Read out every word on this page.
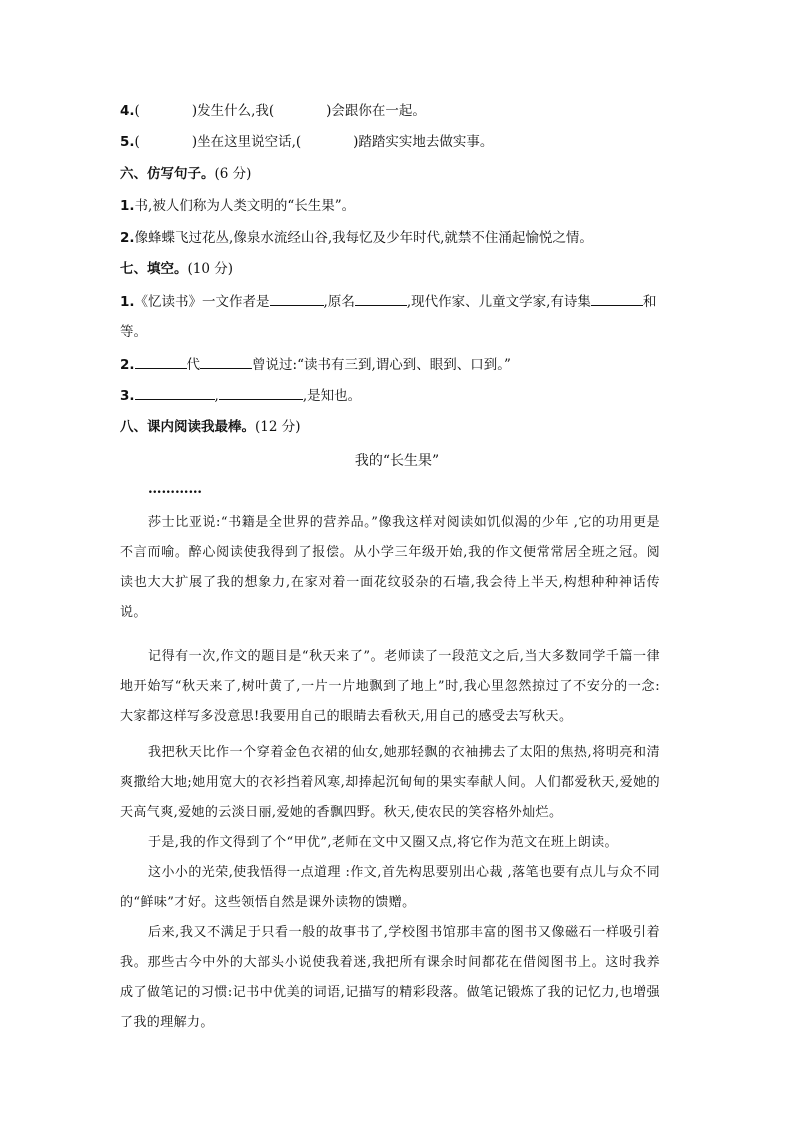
4.(	)发生什么,我(	)会跟你在一起。
5.(	)坐在这里说空话,(	)踏踏实实地去做实事。
六、仿写句子。(6 分)
1.书,被人们称为人类文明的“长生果”。
2.像蜂蝶飞过花丛,像泉水流经山谷,我每忆及少年时代,就禁不住涌起愉悦之情。
七、填空。(10 分)
1.《忆读书》一文作者是	,原名	,现代作家、儿童文学家,有诗集	和
等。
2.	代	曾说过:“读书有三到,谓心到、眼到、口到。”
3.	,	,是知也。
八、课内阅读我最棒。(12 分)
我的“长生果”
…………
莎士比亚说:“书籍是全世界的营养品。”像我这样对阅读如饥似渴的少年 ,它的功用更是不言而喻。醉心阅读使我得到了报偿。从小学三年级开始,我的作文便常常居全班之冠。阅读也大大扩展了我的想象力,在家对着一面花纹驳杂的石墙,我会待上半天,构想种种神话传说。
记得有一次,作文的题目是“秋天来了”。老师读了一段范文之后,当大多数同学千篇一律地开始写“秋天来了,树叶黄了,一片一片地飘到了地上”时,我心里忽然掠过了不安分的一念:大家都这样写多没意思!我要用自己的眼睛去看秋天,用自己的感受去写秋天。
我把秋天比作一个穿着金色衣裙的仙女,她那轻飘的衣袖拂去了太阳的焦热,将明亮和清爽撒给大地;她用宽大的衣衫挡着风寒,却捧起沉甸甸的果实奉献人间。人们都爱秋天,爱她的天高气爽,爱她的云淡日丽,爱她的香飘四野。秋天,使农民的笑容格外灿烂。
于是,我的作文得到了个“甲优”,老师在文中又圈又点,将它作为范文在班上朗读。
这小小的光荣,使我悟得一点道理 :作文,首先构思要别出心裁 ,落笔也要有点儿与众不同的“鲜味”才好。这些领悟自然是课外读物的馈赠。
后来,我又不满足于只看一般的故事书了,学校图书馆那丰富的图书又像磁石一样吸引着我。那些古今中外的大部头小说使我着迷,我把所有课余时间都花在借阅图书上。这时我养成了做笔记的习惯:记书中优美的词语,记描写的精彩段落。做笔记锻炼了我的记忆力,也增强了我的理解力。
